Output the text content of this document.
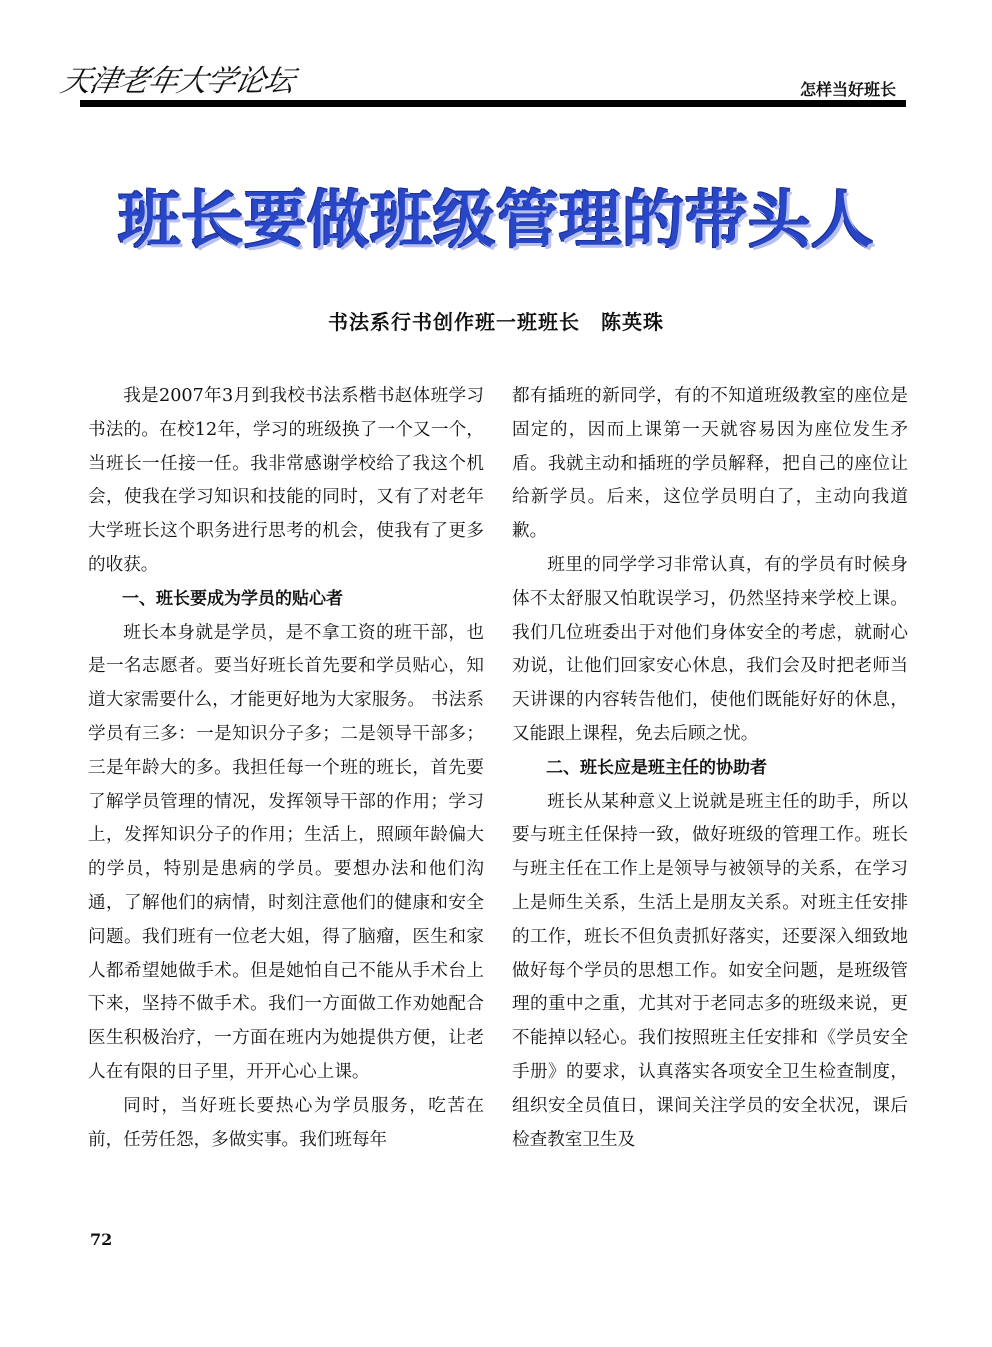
天津老年大学论坛	怎样当好班长
班长要做班级管理的带头人
书法系行书创作班一班班长　陈英珠

我是2007年3月到我校书法系楷书赵体班学习书法的。在校12年，学习的班级换了一个又一个，当班长一任接一任。我非常感谢学校给了我这个机会，使我在学习知识和技能的同时，又有了对老年大学班长这个职务进行思考的机会，使我有了更多的收获。

一、班长要成为学员的贴心者

班长本身就是学员，是不拿工资的班干部，也是一名志愿者。要当好班长首先要和学员贴心，知道大家需要什么，才能更好地为大家服务。 书法系学员有三多：一是知识分子多；二是领导干部多；三是年龄大的多。我担任每一个班的班长，首先要了解学员管理的情况，发挥领导干部的作用；学习上，发挥知识分子的作用；生活上，照顾年龄偏大的学员，特别是患病的学员。要想办法和他们沟通，了解他们的病情，时刻注意他们的健康和安全问题。我们班有一位老大姐，得了脑瘤，医生和家人都希望她做手术。但是她怕自己不能从手术台上下来，坚持不做手术。我们一方面做工作劝她配合医生积极治疗，一方面在班内为她提供方便，让老人在有限的日子里，开开心心上课。

同时，当好班长要热心为学员服务，吃苦在前，任劳任怨，多做实事。我们班每年

都有插班的新同学，有的不知道班级教室的座位是固定的，因而上课第一天就容易因为座位发生矛盾。我就主动和插班的学员解释，把自己的座位让给新学员。后来，这位学员明白了，主动向我道歉。

班里的同学学习非常认真，有的学员有时候身体不太舒服又怕耽误学习，仍然坚持来学校上课。我们几位班委出于对他们身体安全的考虑，就耐心劝说，让他们回家安心休息，我们会及时把老师当天讲课的内容转告他们，使他们既能好好的休息，又能跟上课程，免去后顾之忧。

二、班长应是班主任的协助者

班长从某种意义上说就是班主任的助手，所以要与班主任保持一致，做好班级的管理工作。班长与班主任在工作上是领导与被领导的关系，在学习上是师生关系，生活上是朋友关系。对班主任安排的工作，班长不但负责抓好落实，还要深入细致地做好每个学员的思想工作。如安全问题，是班级管理的重中之重，尤其对于老同志多的班级来说，更不能掉以轻心。我们按照班主任安排和《学员安全手册》的要求，认真落实各项安全卫生检查制度，组织安全员值日，课间关注学员的安全状况，课后检查教室卫生及

72
